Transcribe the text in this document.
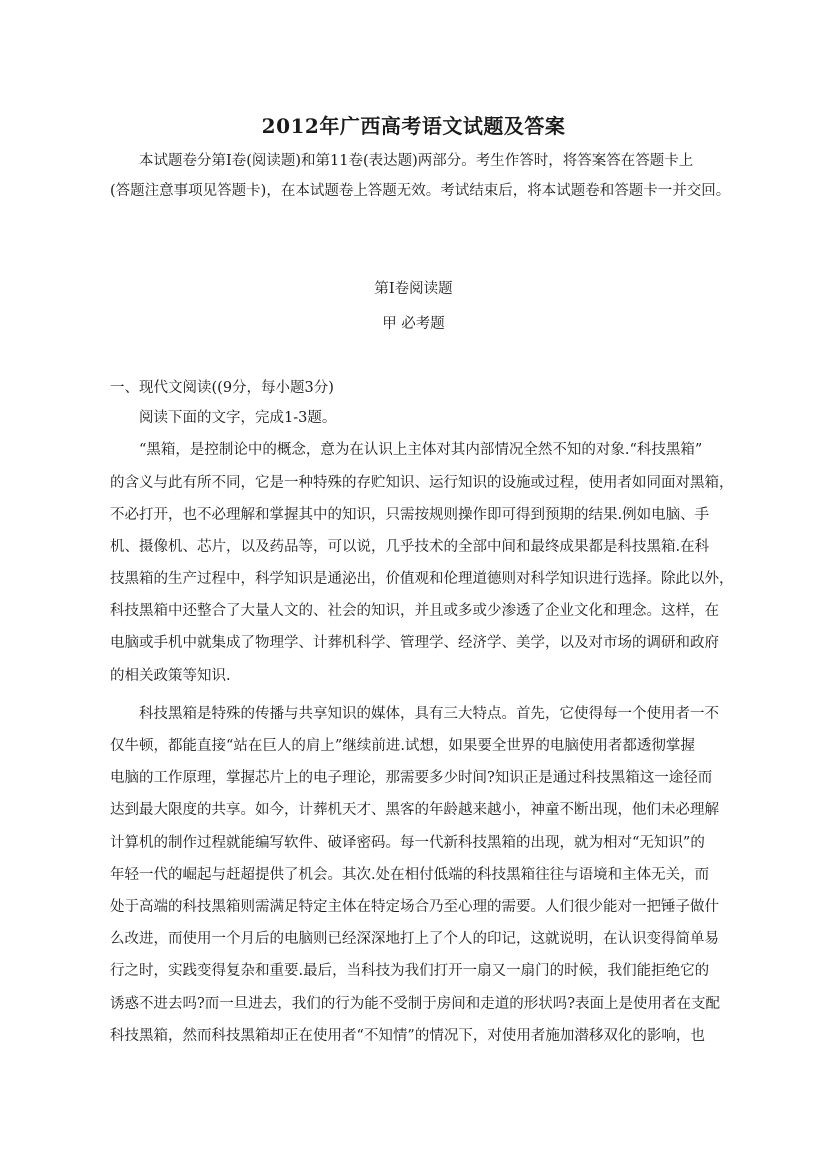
2012年广西高考语文试题及答案
本试题卷分第Ⅰ卷(阅读题)和第11卷(表达题)两部分。考生作答时，将答案答在答题卡上
(答题注意事项见答题卡)，在本试题卷上答题无效。考试结束后，将本试题卷和答题卡一并交回。
第Ⅰ卷阅读题
甲 必考题
一、现代文阅读((9分，每小题3分)
阅读下面的文字，完成1-3题。
“黑箱，是控制论中的概念，意为在认识上主体对其内部情况全然不知的对象.“科技黑箱”
的含义与此有所不同，它是一种特殊的存贮知识、运行知识的设施或过程，使用者如同面对黑箱，
不必打开，也不必理解和掌握其中的知识，只需按规则操作即可得到预期的结果.例如电脑、手
机、摄像机、芯片，以及药品等，可以说，几乎技术的全部中间和最终成果都是科技黑箱.在科
技黑箱的生产过程中，科学知识是通泌出，价值观和伦理道德则对科学知识进行选择。除此以外，
科技黑箱中还整合了大量人文的、社会的知识，并且或多或少渗透了企业文化和理念。这样，在
电脑或手机中就集成了物理学、计葬机科学、管理学、经济学、美学，以及对市场的调研和政府
的相关政策等知识.
科技黑箱是特殊的传播与共享知识的媒体，具有三大特点。首先，它使得每一个使用者一不
仅牛顿，都能直接“站在巨人的肩上”继续前进.试想，如果要全世界的电脑使用者都透彻掌握
电脑的工作原理，掌握芯片上的电子理论，那需要多少时间?知识正是通过科技黑箱这一途径而
达到最大限度的共享。如今，计葬机天才、黑客的年龄越来越小，神童不断出现，他们未必理解
计算机的制作过程就能编写软件、破译密码。每一代新科技黑箱的出现，就为相对“无知识”的
年轻一代的崛起与赶超提供了机会。其次.处在相付低端的科技黑箱往往与语境和主体无关，而
处于高端的科技黑箱则需满足特定主体在特定场合乃至心理的需要。人们很少能对一把锤子做什
么改进，而使用一个月后的电脑则已经深深地打上了个人的印记，这就说明，在认识变得简单易
行之时，实践变得复杂和重要.最后，当科技为我们打开一扇又一扇门的时候，我们能拒绝它的
诱惑不进去吗?而一旦进去，我们的行为能不受制于房间和走道的形状吗?表面上是使用者在支配
科技黑箱，然而科技黑箱却正在使用者“不知情”的情况下，对使用者施加潜移双化的影响，也
